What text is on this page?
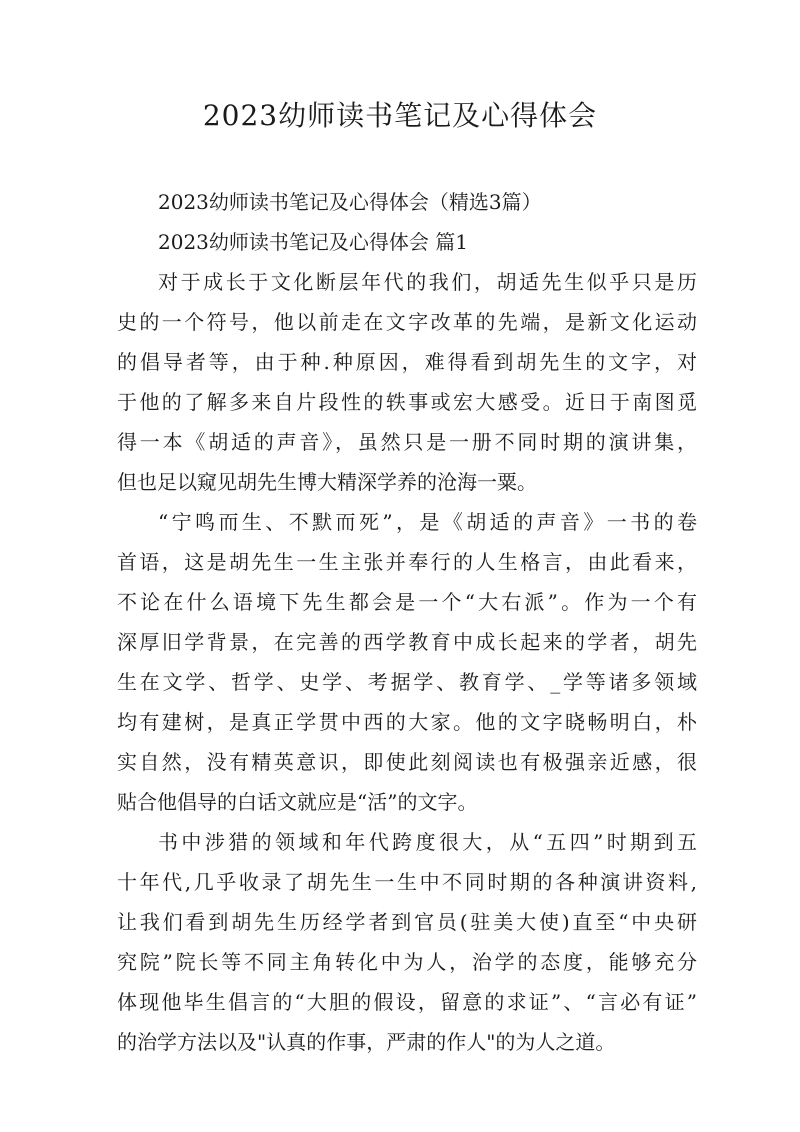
2023幼师读书笔记及心得体会

2023幼师读书笔记及心得体会（精选3篇）

2023幼师读书笔记及心得体会 篇1

对于成长于文化断层年代的我们，胡适先生似乎只是历

史的一个符号，他以前走在文字改革的先端，是新文化运动

的倡导者等，由于种.种原因，难得看到胡先生的文字，对

于他的了解多来自片段性的轶事或宏大感受。近日于南图觅

得一本《胡适的声音》，虽然只是一册不同时期的演讲集，

但也足以窥见胡先生博大精深学养的沧海一粟。

“宁鸣而生、不默而死”，是《胡适的声音》一书的卷

首语，这是胡先生一生主张并奉行的人生格言，由此看来，

不论在什么语境下先生都会是一个“大右派”。作为一个有

深厚旧学背景，在完善的西学教育中成长起来的学者，胡先

生在文学、哲学、史学、考据学、教育学、_学等诸多领域

均有建树，是真正学贯中西的大家。他的文字晓畅明白，朴

实自然，没有精英意识，即使此刻阅读也有极强亲近感，很

贴合他倡导的白话文就应是“活”的文字。

书中涉猎的领域和年代跨度很大，从“五四”时期到五

十年代,几乎收录了胡先生一生中不同时期的各种演讲资料,

让我们看到胡先生历经学者到官员(驻美大使)直至“中央研

究院”院长等不同主角转化中为人，治学的态度，能够充分

体现他毕生倡言的“大胆的假设，留意的求证”、“言必有证”

的治学方法以及"认真的作事，严肃的作人"的为人之道。
